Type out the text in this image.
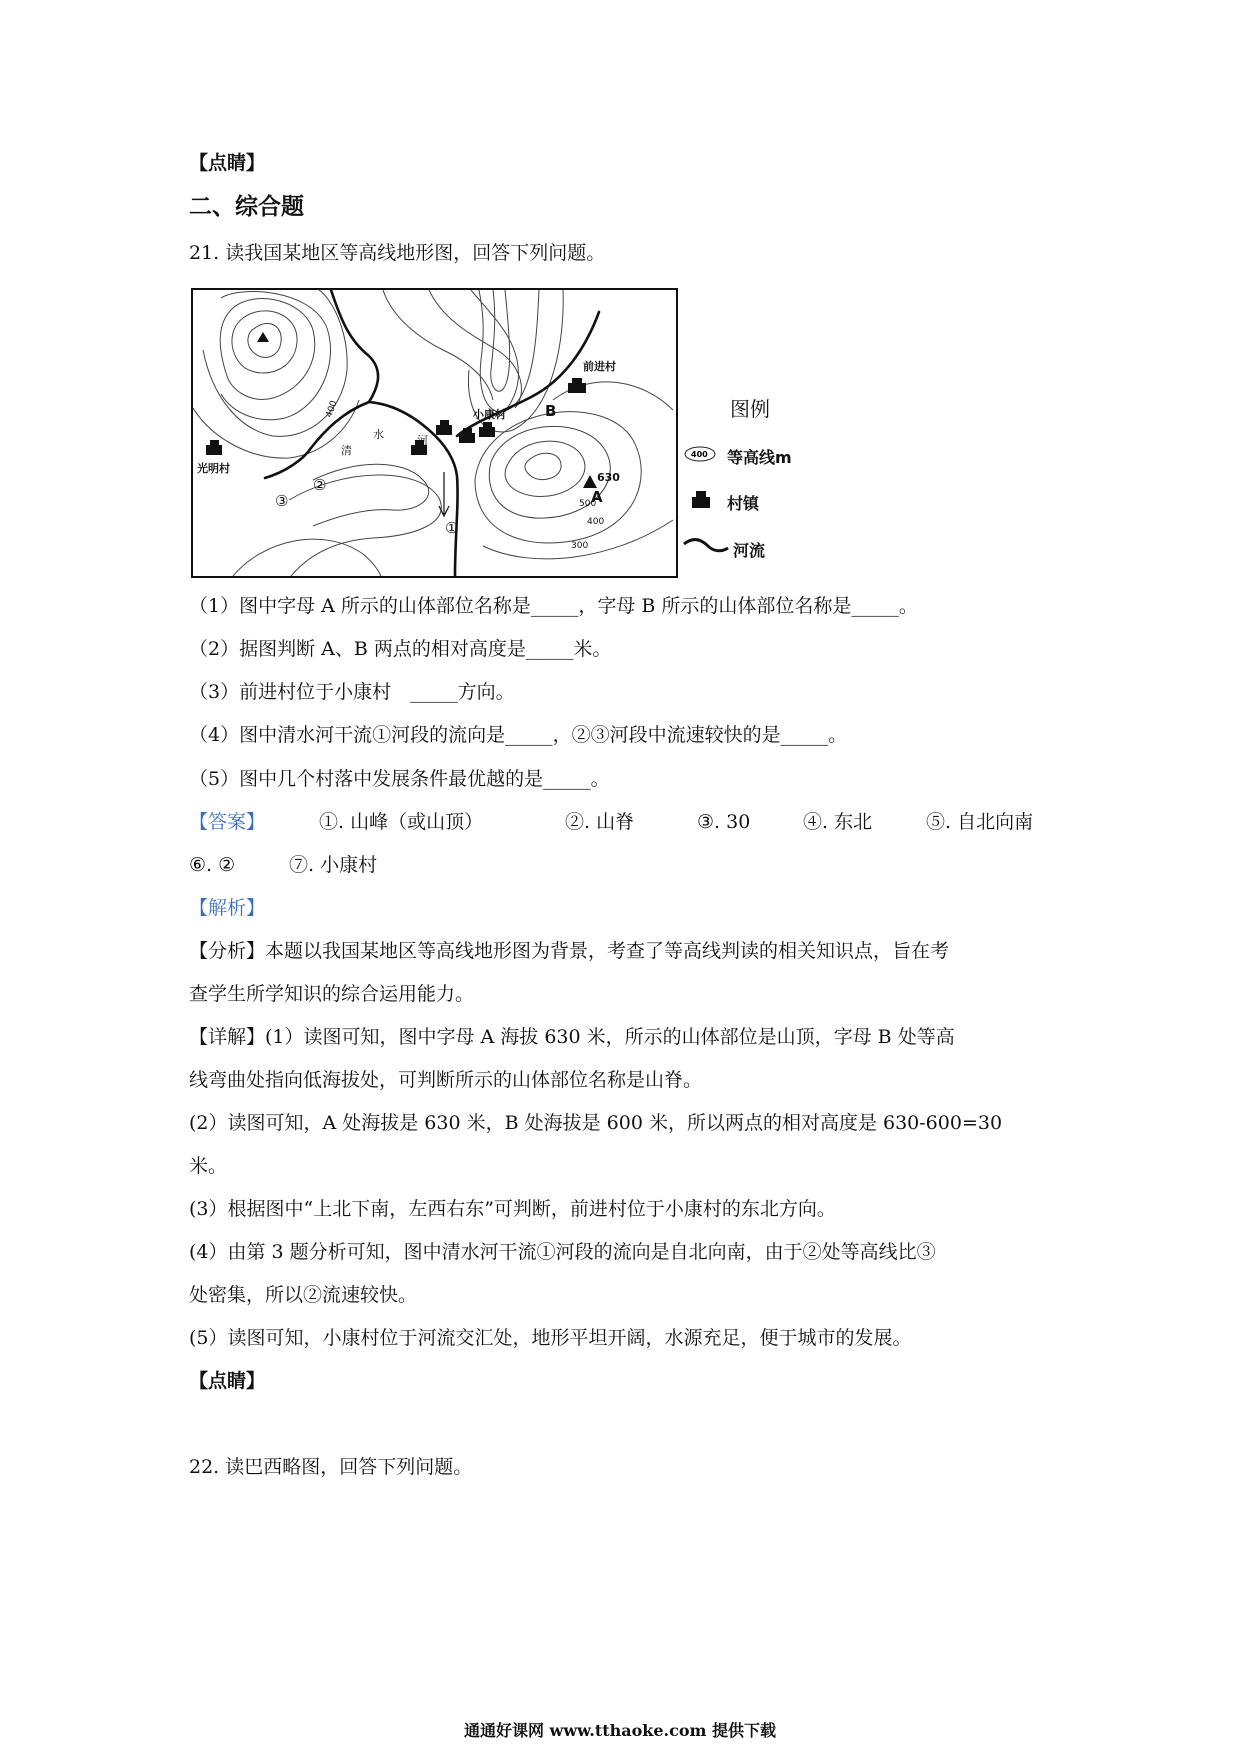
【点睛】
二、综合题
21. 读我国某地区等高线地形图，回答下列问题。
400
500
400
300
630
A
B
前进村
小康村
光明村
清
水	河
①
②
③
图例
400 等高线m
村镇
河流
（1）图中字母 A 所示的山体部位名称是_____，字母 B 所示的山体部位名称是_____。
（2）据图判断 A、B 两点的相对高度是_____米。
（3）前进村位于小康村　_____方向。
（4）图中清水河干流①河段的流向是_____，②③河段中流速较快的是_____。
（5）图中几个村落中发展条件最优越的是_____。
【答案】	①. 山峰（或山顶）	②. 山脊	③. 30	④. 东北	⑤. 自北向南
⑥. ②	⑦. 小康村
【解析】
【分析】本题以我国某地区等高线地形图为背景，考查了等高线判读的相关知识点，旨在考
查学生所学知识的综合运用能力。
【详解】(1）读图可知，图中字母 A 海拔 630 米，所示的山体部位是山顶，字母 B 处等高
线弯曲处指向低海拔处，可判断所示的山体部位名称是山脊。
(2）读图可知，A 处海拔是 630 米，B 处海拔是 600 米，所以两点的相对高度是 630-600=30
米。
(3）根据图中“上北下南，左西右东”可判断，前进村位于小康村的东北方向。
(4）由第 3 题分析可知，图中清水河干流①河段的流向是自北向南，由于②处等高线比③
处密集，所以②流速较快。
(5）读图可知，小康村位于河流交汇处，地形平坦开阔，水源充足，便于城市的发展。
【点睛】
22. 读巴西略图，回答下列问题。
通通好课网 www.tthaoke.com 提供下载
